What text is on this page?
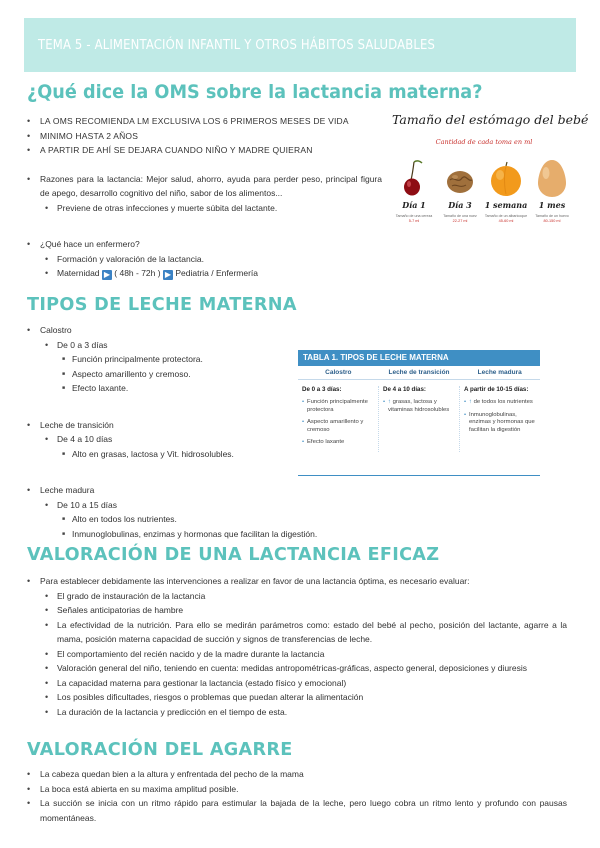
TEMA 5 - ALIMENTACIÓN INFANTIL Y OTROS HÁBITOS SALUDABLES
¿Qué dice la OMS sobre la lactancia materna?
• LA OMS RECOMIENDA LM EXCLUSIVA LOS 6 PRIMEROS MESES DE VIDA
• MINIMO HASTA 2 AÑOS
• A PARTIR DE AHÍ SE DEJARA CUANDO NIÑO Y MADRE QUIERAN
• Razones para la lactancia: Mejor salud, ahorro, ayuda para perder peso, principal figura de apego, desarrollo cognitivo del niño, sabor de los alimentos...
• Previene de otras infecciones y muerte súbita del lactante.
• ¿Qué hace un enfermero?
• Formación y valoración de la lactancia.
• Maternidad ▶ ( 48h - 72h ) ▶ Pediatria / Enfermería
Tamaño del estómago del bebé
Cantidad de cada toma en ml
Día 1
Tamaño de una cereza
5-7 ml
Día 3
Tamaño de una nuez
22-27 ml
1 semana
Tamaño de un albaricoque
45-60 ml
1 mes
Tamaño de un huevo
80-150 ml
TIPOS DE LECHE MATERNA
• Calostro
• De 0 a 3 días
■ Función principalmente protectora.
■ Aspecto amarillento y cremoso.
■ Efecto laxante.
• Leche de transición
• De 4 a 10 días
■ Alto en grasas, lactosa y Vit. hidrosolubles.
• Leche madura
• De 10 a 15 días
■ Alto en todos los nutrientes.
■ Inmunoglobulinas, enzimas y hormonas que facilitan la digestión.
TABLA 1. TIPOS DE LECHE MATERNA
Calostro	Leche de transición	Leche madura
De 0 a 3 días:
• Función principalmente protectora
• Aspecto amarillento y cremoso
• Efecto laxante
De 4 a 10 días:
• ↑ grasas, lactosa y vitaminas hidrosolubles
A partir de 10-15 días:
• ↑ de todos los nutrientes
• Inmunoglobulinas, enzimas y hormonas que facilitan la digestión
VALORACIÓN DE UNA LACTANCIA EFICAZ
• Para establecer debidamente las intervenciones a realizar en favor de una lactancia óptima, es necesario evaluar:
• El grado de instauración de la lactancia
• Señales anticipatorias de hambre
• La efectividad de la nutrición. Para ello se medirán parámetros como: estado del bebé al pecho, posición del lactante, agarre a la mama, posición materna capacidad de succión y signos de transferencias de leche.
• El comportamiento del recién nacido y de la madre durante la lactancia
• Valoración general del niño, teniendo en cuenta: medidas antropométricas-gráficas, aspecto general, deposiciones y diuresis
• La capacidad materna para gestionar la lactancia (estado físico y emocional)
• Los posibles dificultades, riesgos o problemas que puedan alterar la alimentación
• La duración de la lactancia y predicción en el tiempo de esta.
VALORACIÓN DEL AGARRE
• La cabeza quedan bien a la altura y enfrentada del pecho de la mama
• La boca está abierta en su maxima amplitud posible.
• La succión se inicia con un ritmo rápido para estimular la bajada de la leche, pero luego cobra un ritmo lento y profundo con pausas momentáneas.
